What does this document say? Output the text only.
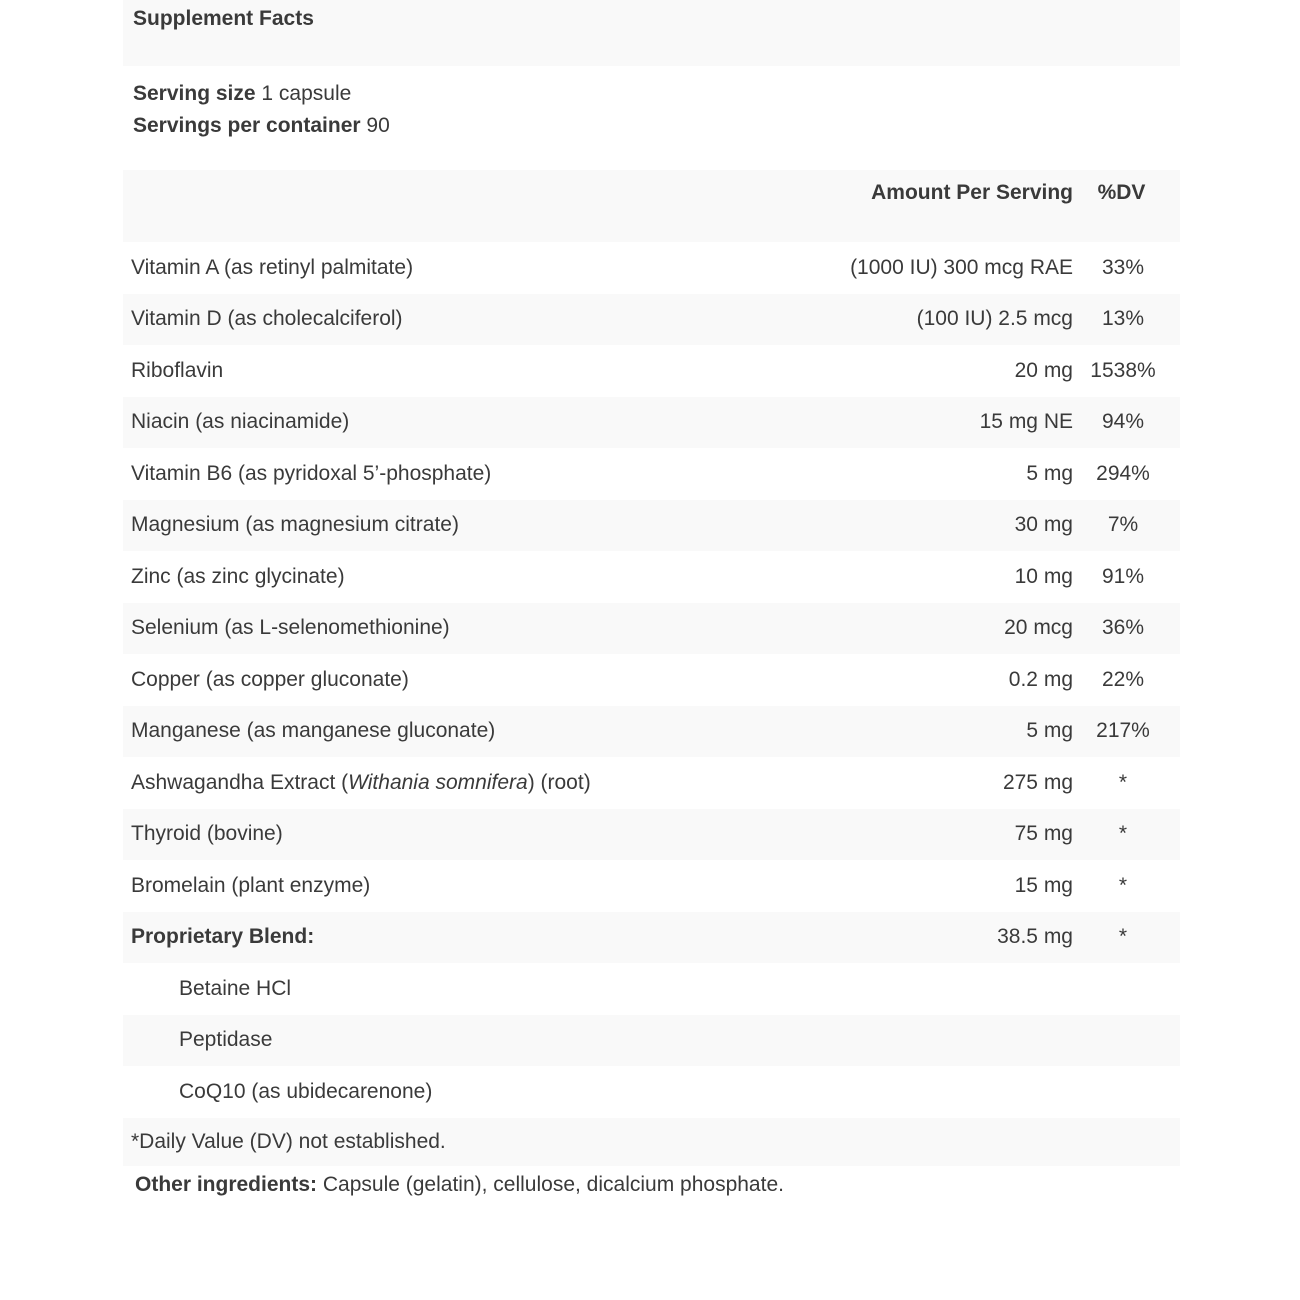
Supplement Facts
Serving size 1 capsule
Servings per container 90
	Amount Per Serving	%DV
Vitamin A (as retinyl palmitate)	(1000 IU) 300 mcg RAE	33%
Vitamin D (as cholecalciferol)	(100 IU) 2.5 mcg	13%
Riboflavin	20 mg	1538%
Niacin (as niacinamide)	15 mg NE	94%
Vitamin B6 (as pyridoxal 5’-phosphate)	5 mg	294%
Magnesium (as magnesium citrate)	30 mg	7%
Zinc (as zinc glycinate)	10 mg	91%
Selenium (as L-selenomethionine)	20 mcg	36%
Copper (as copper gluconate)	0.2 mg	22%
Manganese (as manganese gluconate)	5 mg	217%
Ashwagandha Extract (Withania somnifera) (root)	275 mg	*
Thyroid (bovine)	75 mg	*
Bromelain (plant enzyme)	15 mg	*
Proprietary Blend:	38.5 mg	*
Betaine HCl		
Peptidase		
CoQ10 (as ubidecarenone)		
*Daily Value (DV) not established.		
Other ingredients: Capsule (gelatin), cellulose, dicalcium phosphate.
